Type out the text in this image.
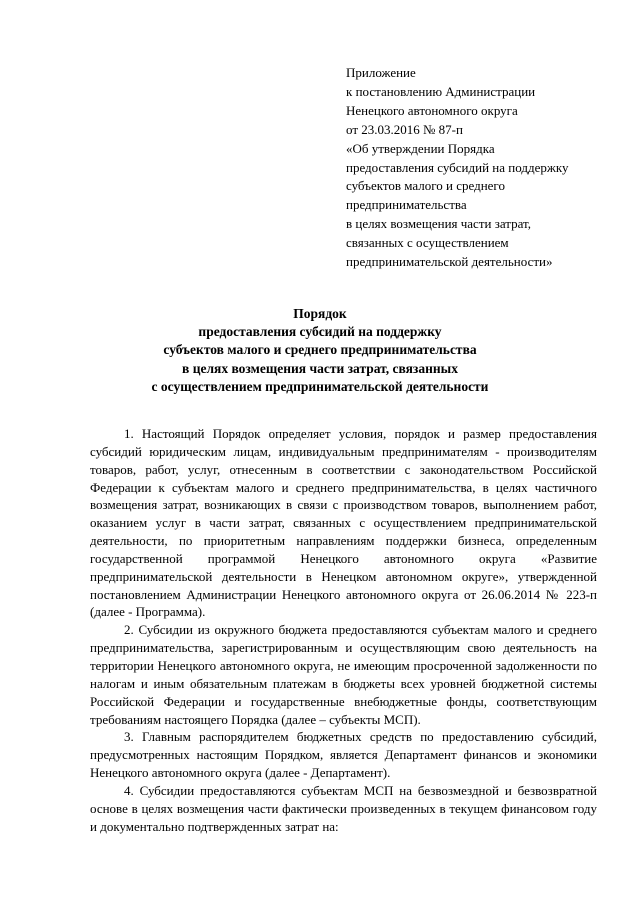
Приложение
к постановлению Администрации
Ненецкого автономного округа
от 23.03.2016 № 87-п
«Об утверждении Порядка
предоставления субсидий на поддержку
субъектов малого и среднего
предпринимательства
в целях возмещения части затрат,
связанных с осуществлением
предпринимательской деятельности»
Порядок
предоставления субсидий на поддержку
субъектов малого и среднего предпринимательства
в целях возмещения части затрат, связанных
с осуществлением предпринимательской деятельности

1. Настоящий Порядок определяет условия, порядок и размер предоставления субсидий юридическим лицам, индивидуальным предпринимателям - производителям товаров, работ, услуг, отнесенным в соответствии с законодательством Российской Федерации к субъектам малого и среднего предпринимательства, в целях частичного возмещения затрат, возникающих в связи с производством товаров, выполнением работ, оказанием услуг в части затрат, связанных с осуществлением предпринимательской деятельности, по приоритетным направлениям поддержки бизнеса, определенным государственной программой Ненецкого автономного округа «Развитие предпринимательской деятельности в Ненецком автономном округе», утвержденной постановлением Администрации Ненецкого автономного округа от 26.06.2014 № 223-п (далее - Программа).

2. Субсидии из окружного бюджета предоставляются субъектам малого и среднего предпринимательства, зарегистрированным и осуществляющим свою деятельность на территории Ненецкого автономного округа, не имеющим просроченной задолженности по налогам и иным обязательным платежам в бюджеты всех уровней бюджетной системы Российской Федерации и государственные внебюджетные фонды, соответствующим требованиям настоящего Порядка (далее – субъекты МСП).

3. Главным распорядителем бюджетных средств по предоставлению субсидий, предусмотренных настоящим Порядком, является Департамент финансов и экономики Ненецкого автономного округа (далее - Департамент).

4. Субсидии предоставляются субъектам МСП на безвозмездной и безвозвратной основе в целях возмещения части фактически произведенных в текущем финансовом году и документально подтвержденных затрат на:
